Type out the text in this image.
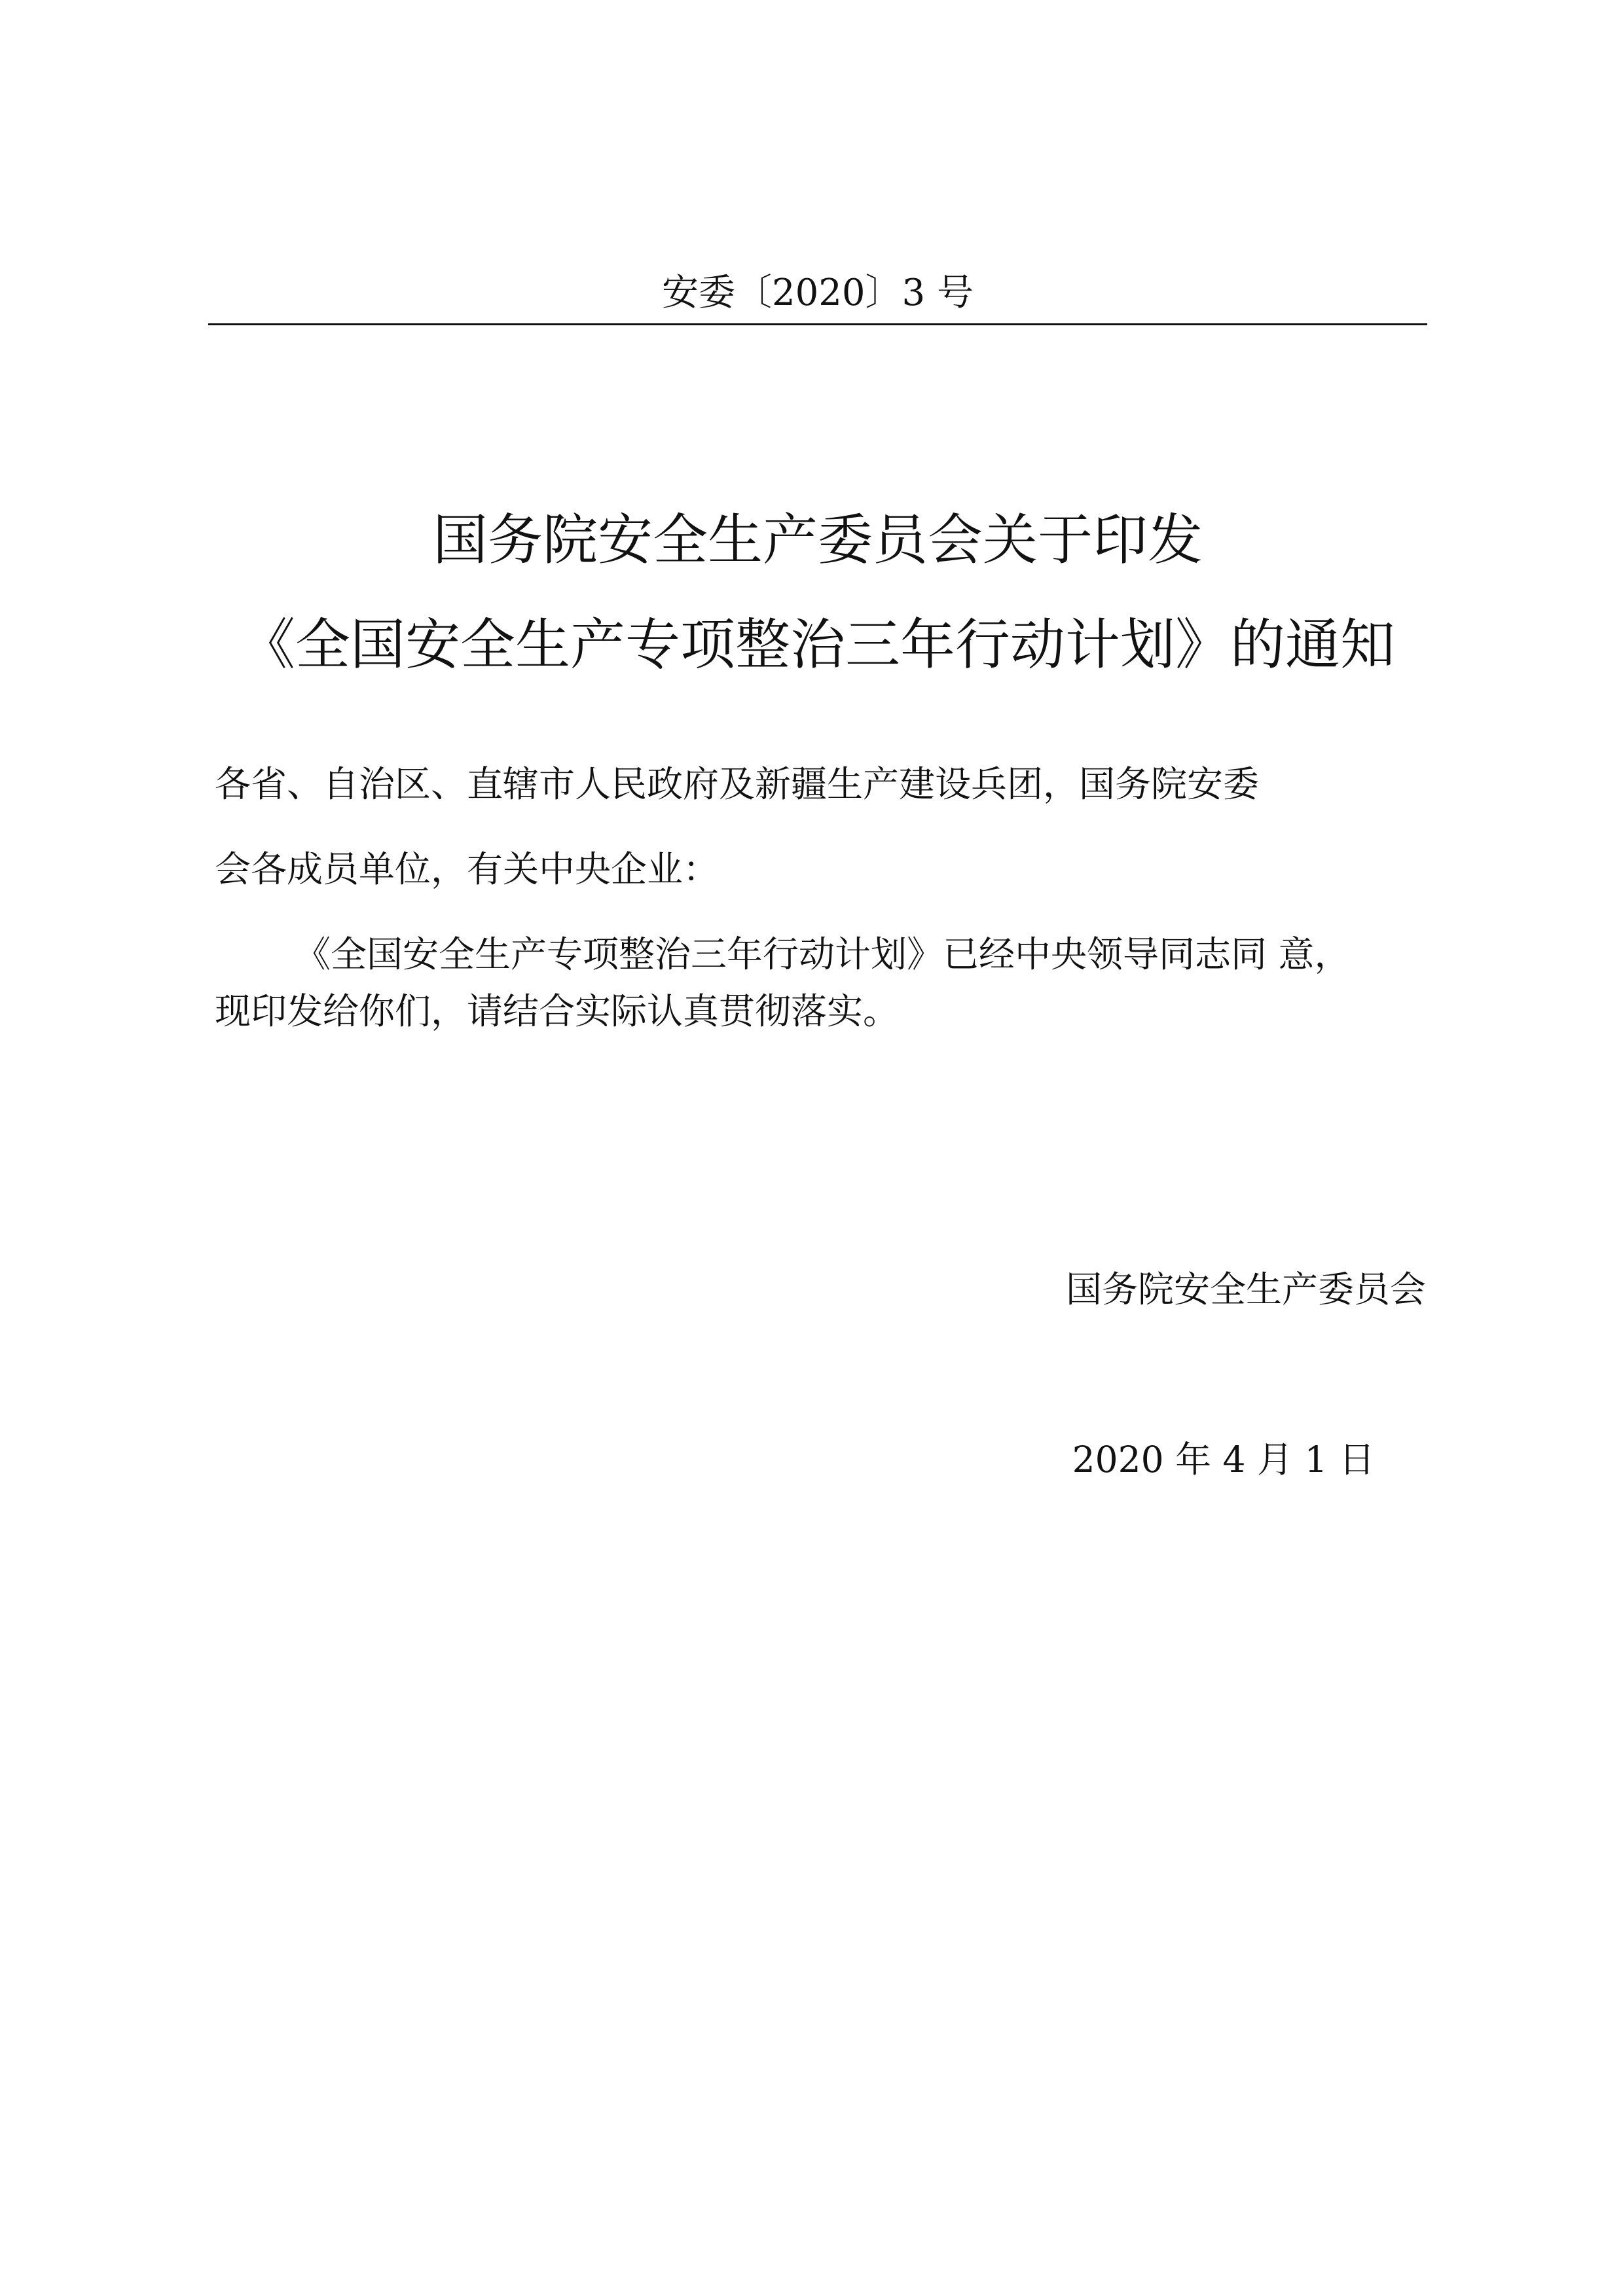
安委〔2020〕3 号
国务院安全生产委员会关于印发
《全国安全生产专项整治三年行动计划》的通知
各省、自治区、直辖市人民政府及新疆生产建设兵团，国务院安委
会各成员单位，有关中央企业：
《全国安全生产专项整治三年行动计划》已经中央领导同志同 意，
现印发给你们，请结合实际认真贯彻落实。
国务院安全生产委员会
2020 年 4 月 1 日
